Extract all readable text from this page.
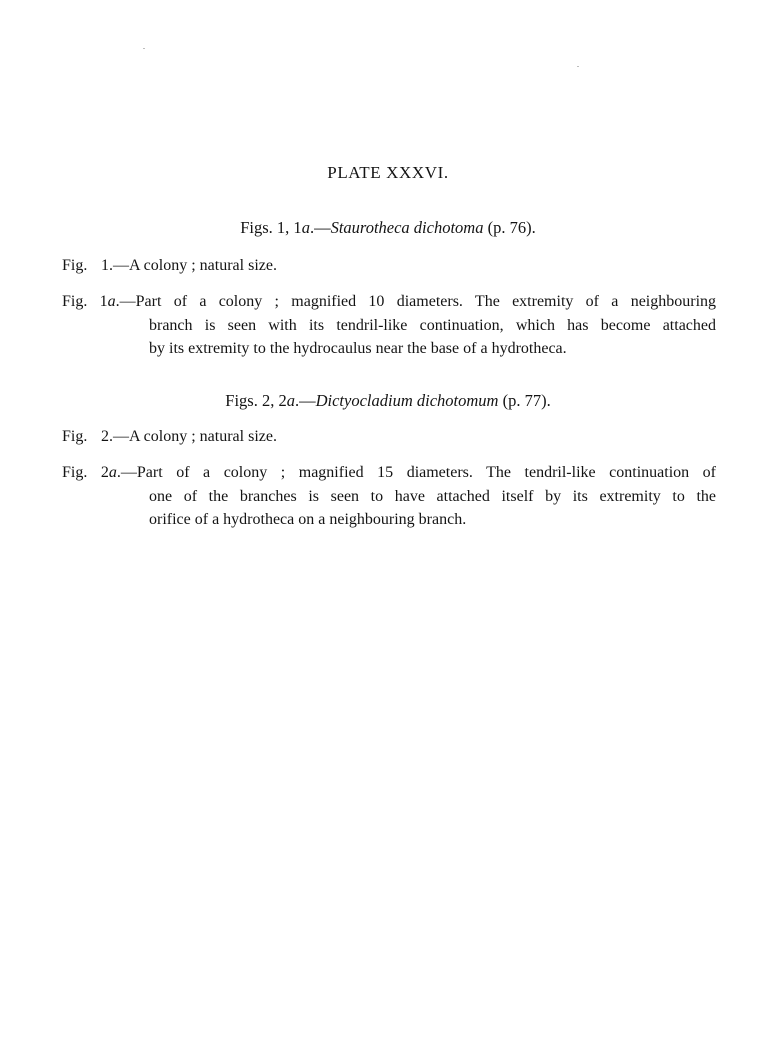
PLATE XXXVI.
Figs. 1, 1a.—Staurotheca dichotoma (p. 76).
Fig. 1.—A colony ; natural size.
Fig. 1a.—Part of a colony ; magnified 10 diameters. The extremity of a neighbouring
branch is seen with its tendril-like continuation, which has become attached
by its extremity to the hydrocaulus near the base of a hydrotheca.
Figs. 2, 2a.—Dictyocladium dichotomum (p. 77).
Fig. 2.—A colony ; natural size.
Fig. 2a.—Part of a colony ; magnified 15 diameters. The tendril-like continuation of
one of the branches is seen to have attached itself by its extremity to the
orifice of a hydrotheca on a neighbouring branch.
